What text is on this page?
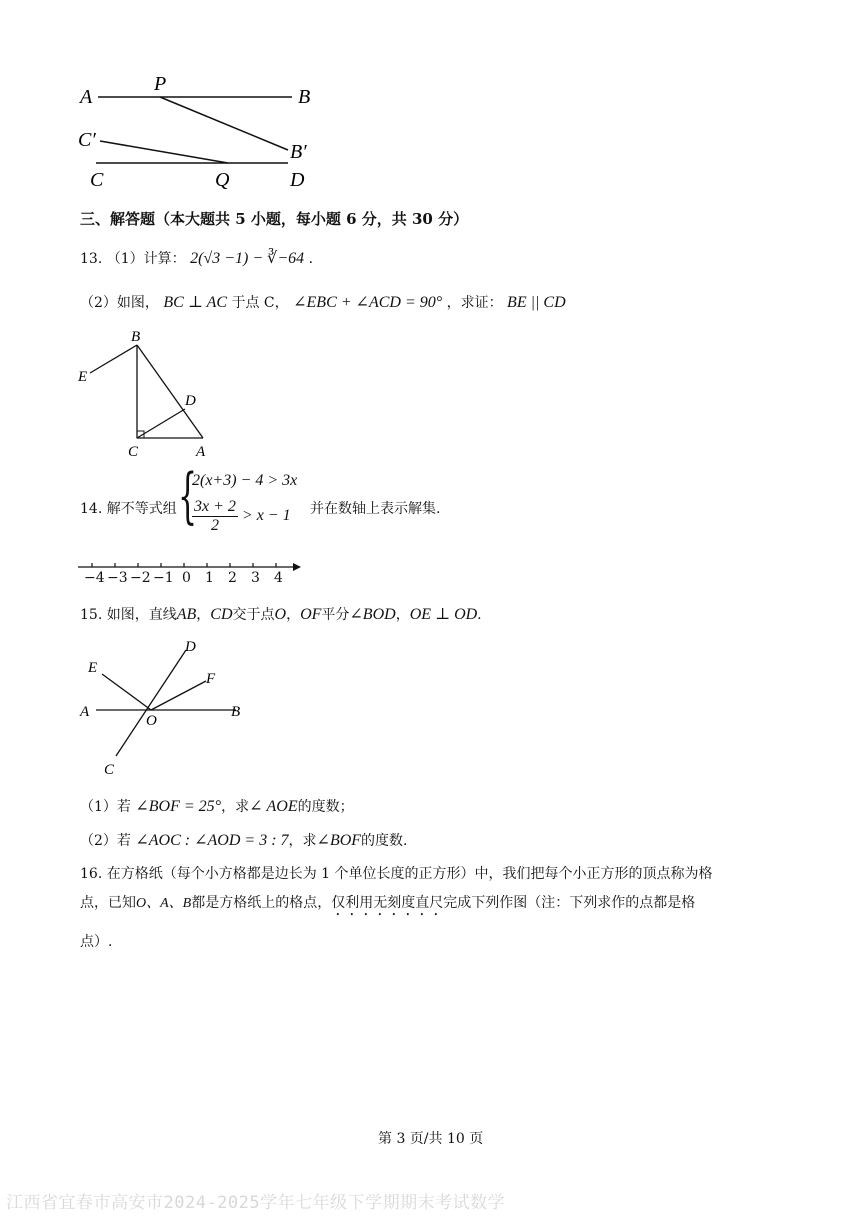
A
P
B
C′
B′
C	Q	D
三、解答题（本大题共 5 小题，每小题 6 分，共 30 分）
13. （1）计算： 2(√3 −1) − ∛−64 .
（2）如图， BC ⊥ AC 于点 C， ∠EBC + ∠ACD = 90° ，求证： BE || CD
B
E
D
C	A
14. 解不等式组 {
2(x+3) − 4 > 3x
$\frac{3x + 2}{2} > x - 1$ 并在数轴上表示解集.
−4 −3 −2 −1 0 1 2 3 4
15. 如图，直线AB，CD交于点O，OF平分∠BOD，OE ⊥ OD.
D
E
F
A
O
B
C
（1）若 ∠BOF = 25°，求∠ AOE的度数；
（2）若 ∠AOC : ∠AOD = 3 : 7，求∠BOF的度数.
16. 在方格纸（每个小方格都是边长为 1 个单位长度的正方形）中，我们把每个小正方形的顶点称为格
点，已知O、A、B都是方格纸上的格点，仅利用无刻度直尺完成下列作图（注：下列求作的点都是格
点）.
第 3 页/共 10 页
江西省宜春市高安市2024-2025学年七年级下学期期末考试数学
